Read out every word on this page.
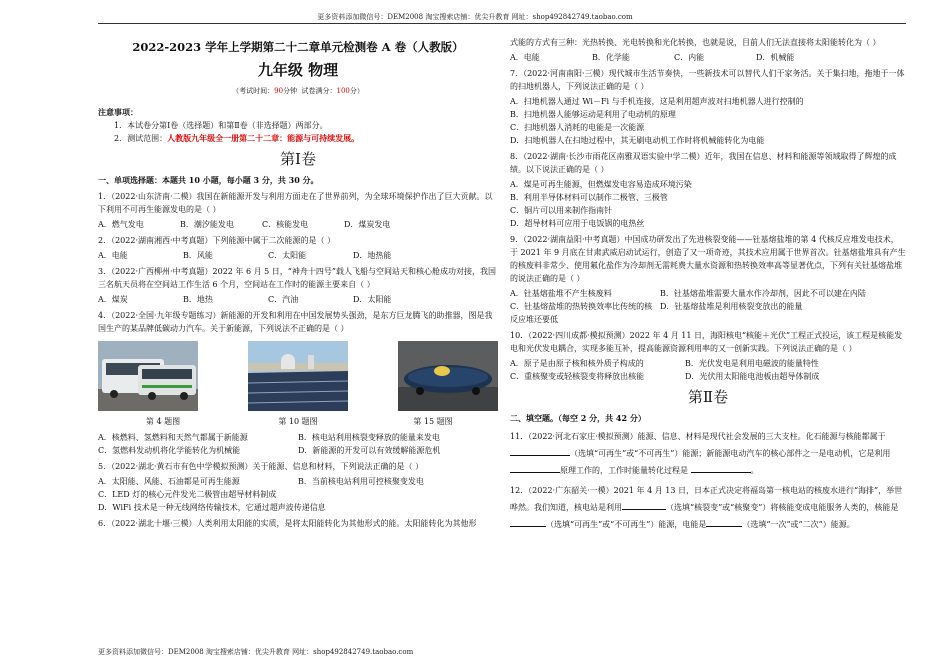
更多资料添加微信号：DEM2008 淘宝搜索店铺：优尖升教育 网址：shop492842749.taobao.com
2022-2023 学年上学期第二十二章单元检测卷 A 卷（人教版）
九年级 物理
（考试时间：90分钟 试卷满分：100分）
注意事项：
1．本试卷分第Ⅰ卷（选择题）和第Ⅱ卷（非选择题）两部分。
2．测试范围：人教版九年级全一册第二十二章：能源与可持续发展。
第Ⅰ卷
一、单项选择题：本题共 10 小题，每小题 3 分，共 30 分。
1．（2022·山东济南·二模）我国在新能源开发与利用方面走在了世界前列，为全球环境保护作出了巨大贡献。以下利用不可再生能源发电的是（ ）
A．燃气发电	B．潮汐能发电	C．核能发电	D．煤炭发电
2．（2022·湖南湘西·中考真题）下列能源中属于二次能源的是（ ）
A．电能	B．风能	C．太阳能	D．地热能
3．（2022·广西柳州·中考真题）2022 年 6 月 5 日，“神舟十四号”载人飞船与空间站天和核心舱成功对接，我国三名航天员将在空间站工作生活 6 个月，空间站在工作时的能源主要来自（ ）
A．煤炭	B．地热	C．汽油	D．太阳能
4．（2022·全国·九年级专题练习）新能源的开发和利用在中国发展势头强劲，是东方巨龙腾飞的助推器，图是我国生产的某品牌低碳动力汽车。关于新能源，下列说法不正确的是（ ）
第 4 题图	第 10 题图	第 15 题图
A．核燃料、氢燃料和天然气都属于新能源	B．核电站利用核裂变释放的能量来发电
C．氢燃料发动机将化学能转化为机械能	D．新能源的开发可以有效缓解能源危机
5．（2022·湖北·黄石市有色中学模拟预测）关于能源、信息和材料，下列说法正确的是（ ）
A．太阳能、风能、石油都是可再生能源	B．当前核电站利用可控核聚变发电
C．LED 灯的核心元件发光二极管由超导材料制成
D．WiFi 技术是一种无线网络传输技术，它通过超声波传递信息
6．（2022·湖北十堰·三模）人类利用太阳能的实质，是将太阳能转化为其他形式的能。太阳能转化为其他形
式能的方式有三种：光热转换、光电转换和光化转换，也就是说，目前人们无法直接将太阳能转化为（ ）
A．电能	B．化学能	C．内能	D．机械能
7．（2022·河南南阳·三模）现代城市生活节奏快，一些新技术可以替代人们干家务活。关于集扫地，拖地于一体的扫地机器人，下列说法正确的是（ ）
A．扫地机器人通过 Wi－Fi 与手机连接，这是利用超声波对扫地机器人进行控制的
B．扫地机器人能够运动是利用了电动机的原理
C．扫地机器人消耗的电能是一次能源
D．扫地机器人在扫地过程中，其无刷电动机工作时将机械能转化为电能
8．（2022·湖南·长沙市雨花区南雅双语实验中学二模）近年，我国在信息、材料和能源等领域取得了辉煌的成绩。以下说法正确的是（ ）
A．煤是可再生能源，但燃煤发电容易造成环境污染
B．利用半导体材料可以制作二极管、三极管
C．铜片可以用来制作指南针
D．超导材料可应用于电饭锅的电热丝
9．（2022·湖南益阳·中考真题）中国成功研发出了先进核裂变能——钍基熔盐堆的第 4 代核反应堆发电技术，于 2021 年 9 月底在甘肃武威启动试运行，创造了又一项奇迹，其技术应用属于世界首次。钍基熔盐堆具有产生的核废料非常少、使用氟化盐作为冷却剂无需耗费大量水资源和热转换效率高等显著优点，下列有关钍基熔盐堆的说法正确的是（ ）
A．钍基熔盐堆不产生核废料	B．钍基熔盐堆需要大量水作冷却剂，因此不可以建在内陆
C．钍基熔盐堆的热转换效率比传统的核反应堆还要低
D．钍基熔盐堆是利用核裂变放出的能量
10．（2022·四川成都·模拟预测）2022 年 4 月 11 日，海阳核电“核能＋光伏”工程正式投运，该工程是核能发电和光伏发电耦合，实现多能互补，提高能源资源利用率的又一创新实践。下列说法正确的是（ ）
A．原子是由原子核和核外质子构成的	B．光伏发电是利用电磁波的能量特性
C．重核聚变或轻核裂变将释放出核能	D．光伏用太阳能电池板由超导体制成
第Ⅱ卷
二、填空题。（每空 2 分，共 42 分）
11．（2022·河北石家庄·模拟预测）能源、信息、材料是现代社会发展的三大支柱。化石能源与核能都属于 （选填“可再生”或“不可再生”）能源；新能源电动汽车的核心部件之一是电动机，它是利用 原理工作的，工作时能量转化过程是	。
12．（2022·广东韶关·一模）2021 年 4 月 13 日，日本正式决定将福岛第一核电站的核废水进行“海排”，举世哗然。我们知道，核电站是利用	（选填“核裂变”或“核聚变”）将核能变成电能服务人类的，核能是（选填“可再生”或“不可再生”）能源，电能是	（选填“一次”或“二次”）能源。
更多资料添加微信号：DEM2008 淘宝搜索店铺：优尖升教育 网址：shop492842749.taobao.com
